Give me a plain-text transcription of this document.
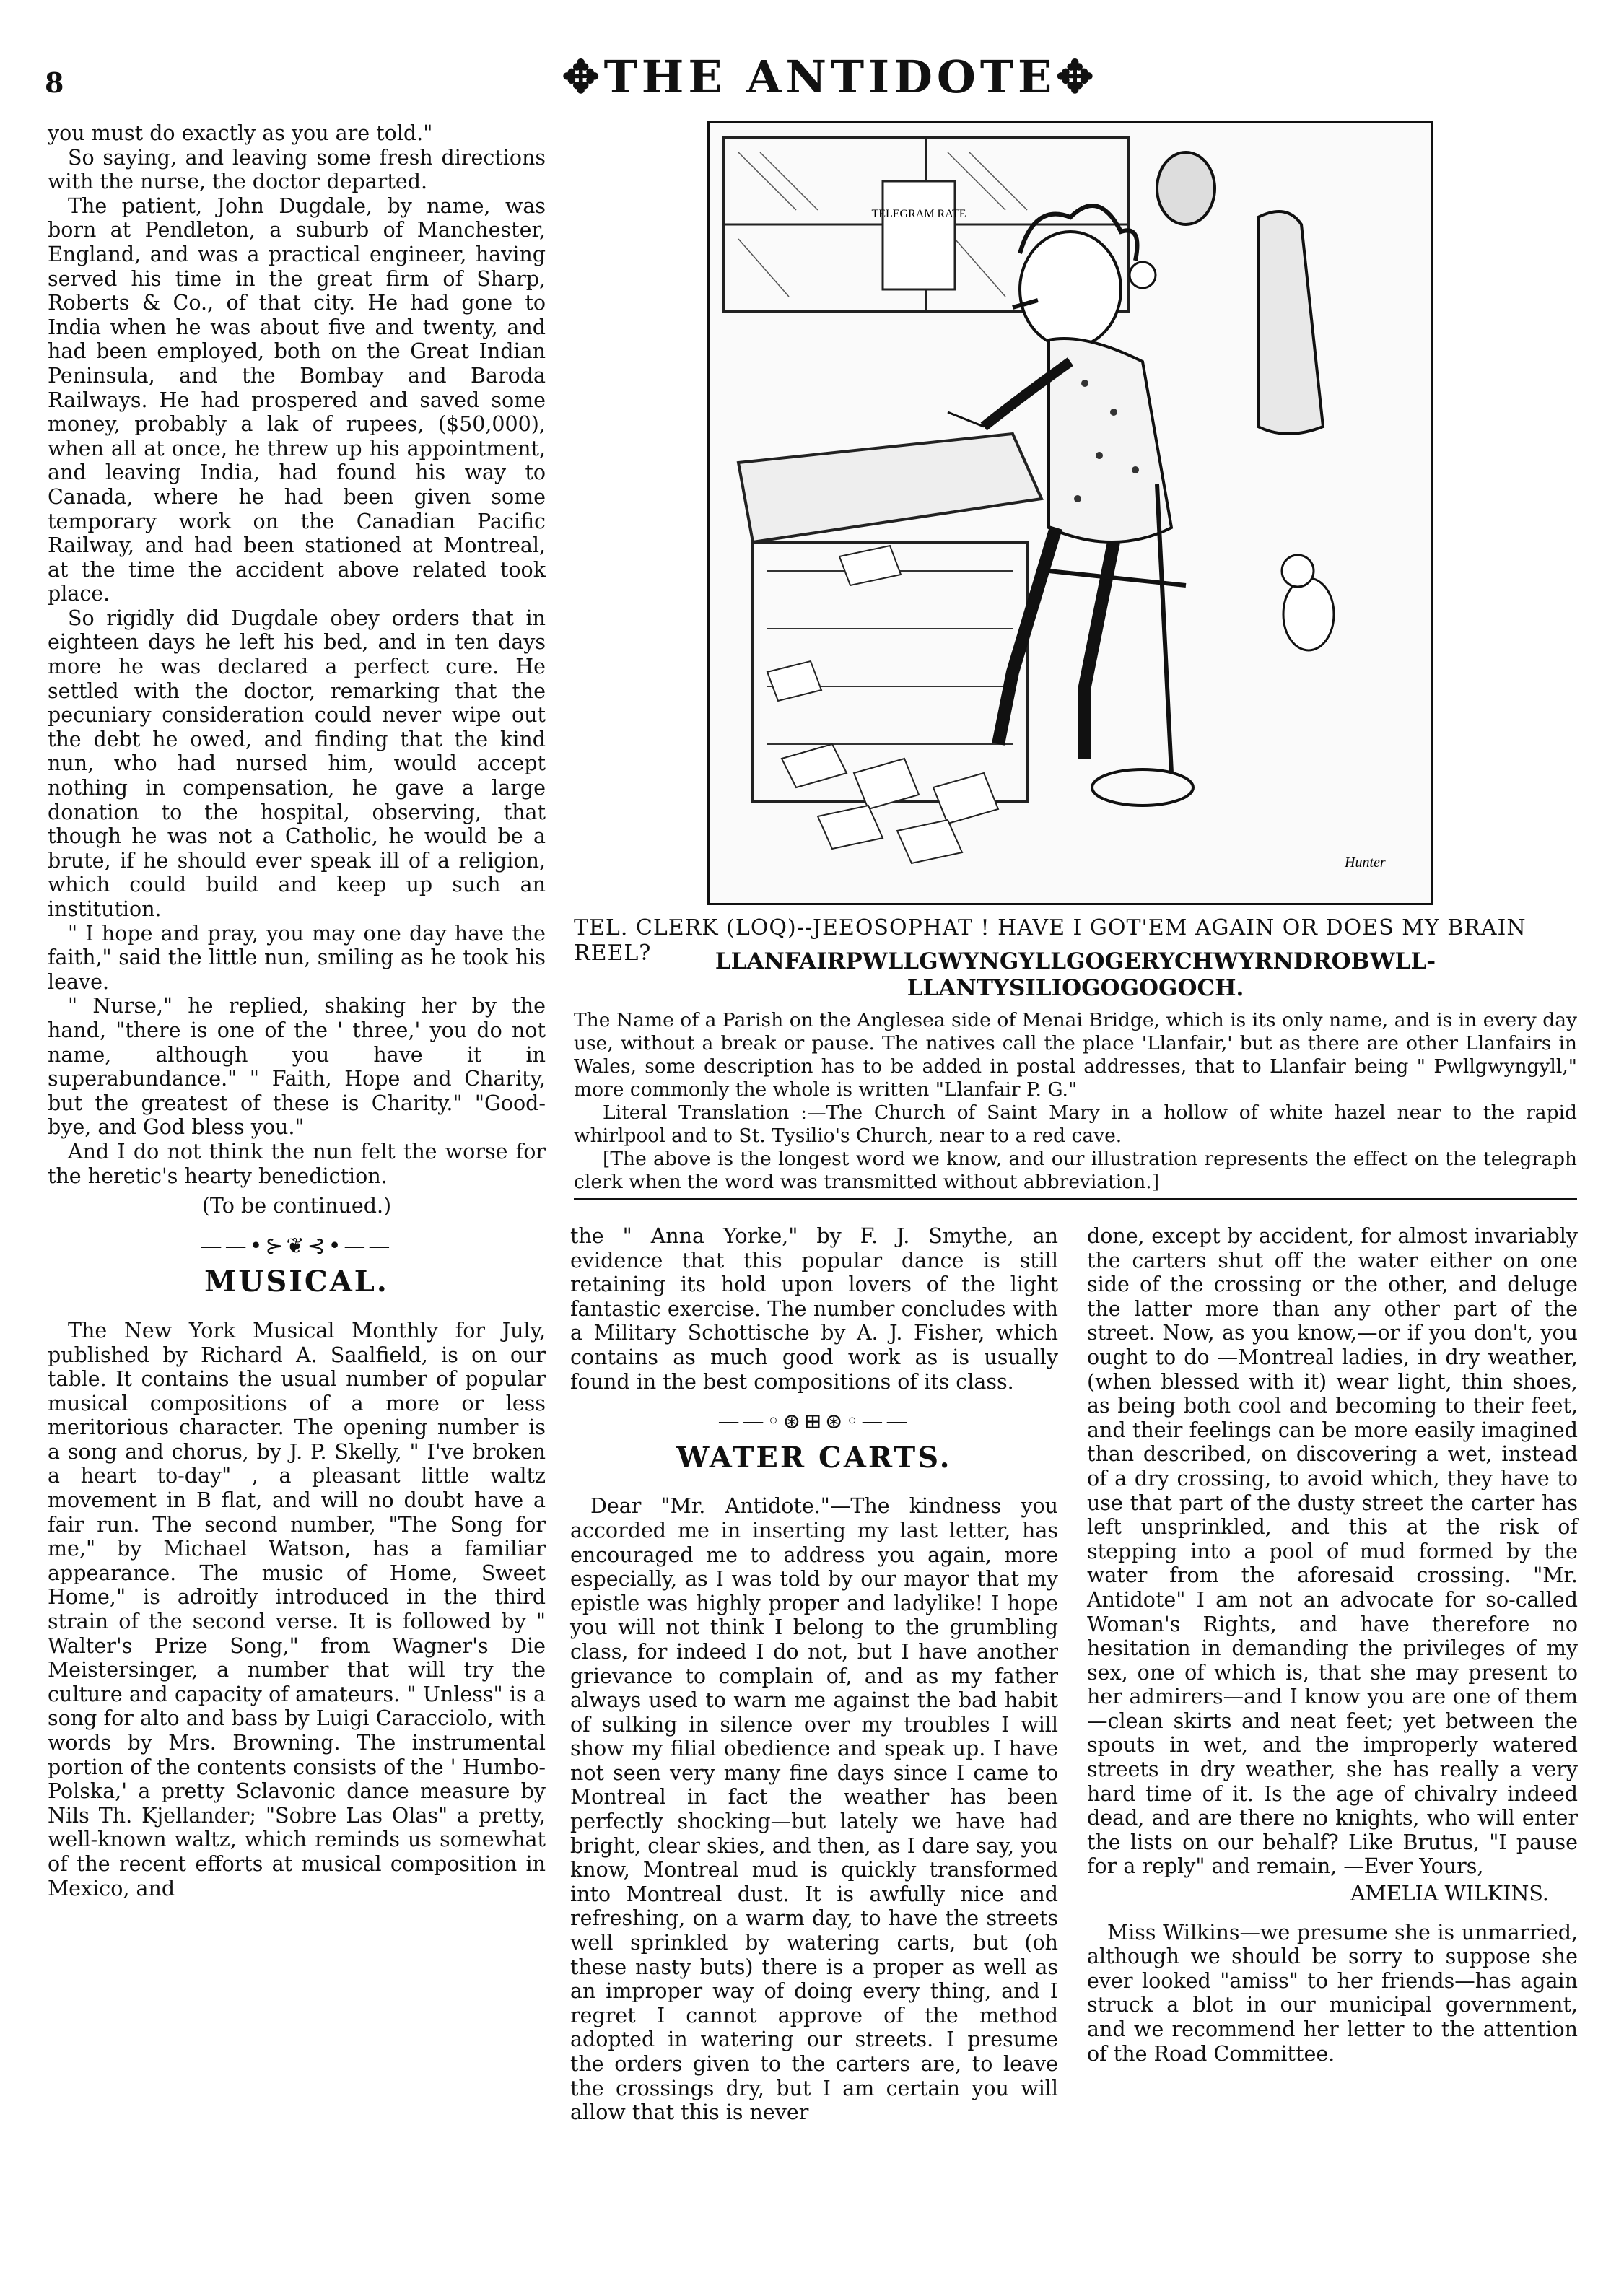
8	✥THE ANTIDOTE✥

you must do exactly as you are told."

So saying, and leaving some fresh directions with the nurse, the doctor departed.

The patient, John Dugdale, by name, was born at Pendleton, a suburb of Manchester, England, and was a practical engineer, having served his time in the great firm of Sharp, Roberts & Co., of that city. He had gone to India when he was about five and twenty, and had been employed, both on the Great Indian Peninsula, and the Bombay and Baroda Railways. He had prospered and saved some money, probably a lak of rupees, ($50,000), when all at once, he threw up his appointment, and leaving India, had found his way to Canada, where he had been given some temporary work on the Canadian Pacific Railway, and had been stationed at Montreal, at the time the accident above related took place.

So rigidly did Dugdale obey orders that in eighteen days he left his bed, and in ten days more he was declared a perfect cure. He settled with the doctor, remarking that the pecuniary consideration could never wipe out the debt he owed, and finding that the kind nun, who had nursed him, would accept nothing in compensation, he gave a large donation to the hospital, observing, that though he was not a Catholic, he would be a brute, if he should ever speak ill of a religion, which could build and keep up such an institution.

" I hope and pray, you may one day have the faith," said the little nun, smiling as he took his leave.

" Nurse," he replied, shaking her by the hand, "there is one of the ' three,' you do not name, although you have it in superabundance." " Faith, Hope and Charity, but the greatest of these is Charity." "Good-bye, and God bless you."

And I do not think the nun felt the worse for the heretic's hearty benediction.

(To be continued.)
——•⊱❦⊰•——
MUSICAL.

The New York Musical Monthly for July, published by Richard A. Saalfield, is on our table. It contains the usual number of popular musical compositions of a more or less meritorious character. The opening number is a song and chorus, by J. P. Skelly, " I've broken a heart to-day" , a pleasant little waltz movement in B flat, and will no doubt have a fair run. The second number, "The Song for me," by Michael Watson, has a familiar appearance. The music of Home, Sweet Home," is adroitly introduced in the third strain of the second verse. It is followed by " Walter's Prize Song," from Wagner's Die Meistersinger, a number that will try the culture and capacity of amateurs. " Unless" is a song for alto and bass by Luigi Caracciolo, with words by Mrs. Browning. The instrumental portion of the contents consists of the ' Humbo-Polska,' a pretty Sclavonic dance measure by Nils Th. Kjellander; "Sobre Las Olas" a pretty, well-known waltz, which reminds us somewhat of the recent efforts at musical composition in Mexico, and

TELEGRAM RATE
Hunter
TEL. CLERK (LOQ)--JEEOSOPHAT ! HAVE I GOT'EM AGAIN OR DOES MY BRAIN REEL?	LLANFAIRPWLLGWYNGYLLGOGERYCHWYRNDROBWLL-
LLANTYSILIOGOGOGOCH.

The Name of a Parish on the Anglesea side of Menai Bridge, which is its only name, and is in every day use, without a break or pause. The natives call the place 'Llanfair,' but as there are other Llanfairs in Wales, some description has to be added in postal addresses, that to Llanfair being " Pwllgwyngyll," more commonly the whole is written "Llanfair P. G."

Literal Translation :—The Church of Saint Mary in a hollow of white hazel near to the rapid whirlpool and to St. Tysilio's Church, near to a red cave.

[The above is the longest word we know, and our illustration represents the effect on the telegraph clerk when the word was transmitted without abbreviation.]

the " Anna Yorke," by F. J. Smythe, an evidence that this popular dance is still retaining its hold upon lovers of the light fantastic exercise. The number concludes with a Military Schottische by A. J. Fisher, which contains as much good work as is usually found in the best compositions of its class.

——◦⊛⊞⊛◦——
WATER CARTS.

Dear "Mr. Antidote."—The kindness you accorded me in inserting my last letter, has encouraged me to address you again, more especially, as I was told by our mayor that my epistle was highly proper and ladylike! I hope you will not think I belong to the grumbling class, for indeed I do not, but I have another grievance to complain of, and as my father always used to warn me against the bad habit of sulking in silence over my troubles I will show my filial obedience and speak up. I have not seen very many fine days since I came to Montreal in fact the weather has been perfectly shocking—but lately we have had bright, clear skies, and then, as I dare say, you know, Montreal mud is quickly transformed into Montreal dust. It is awfully nice and refreshing, on a warm day, to have the streets well sprinkled by watering carts, but (oh these nasty buts) there is a proper as well as an improper way of doing every thing, and I regret I cannot approve of the method adopted in watering our streets. I presume the orders given to the carters are, to leave the crossings dry, but I am certain you will allow that this is never

done, except by accident, for almost invariably the carters shut off the water either on one side of the crossing or the other, and deluge the latter more than any other part of the street. Now, as you know,—or if you don't, you ought to do —Montreal ladies, in dry weather, (when blessed with it) wear light, thin shoes, as being both cool and becoming to their feet, and their feelings can be more easily imagined than described, on discovering a wet, instead of a dry crossing, to avoid which, they have to use that part of the dusty street the carter has left unsprinkled, and this at the risk of stepping into a pool of mud formed by the water from the aforesaid crossing. "Mr. Antidote" I am not an advocate for so-called Woman's Rights, and have therefore no hesitation in demanding the privileges of my sex, one of which is, that she may present to her admirers—and I know you are one of them—clean skirts and neat feet; yet between the spouts in wet, and the improperly watered streets in dry weather, she has really a very hard time of it. Is the age of chivalry indeed dead, and are there no knights, who will enter the lists on our behalf? Like Brutus, "I pause for a reply" and remain, —Ever Yours,

AMELIA WILKINS.

Miss Wilkins—we presume she is unmarried, although we should be sorry to suppose she ever looked "amiss" to her friends—has again struck a blot in our municipal government, and we recommend her letter to the attention of the Road Committee.
